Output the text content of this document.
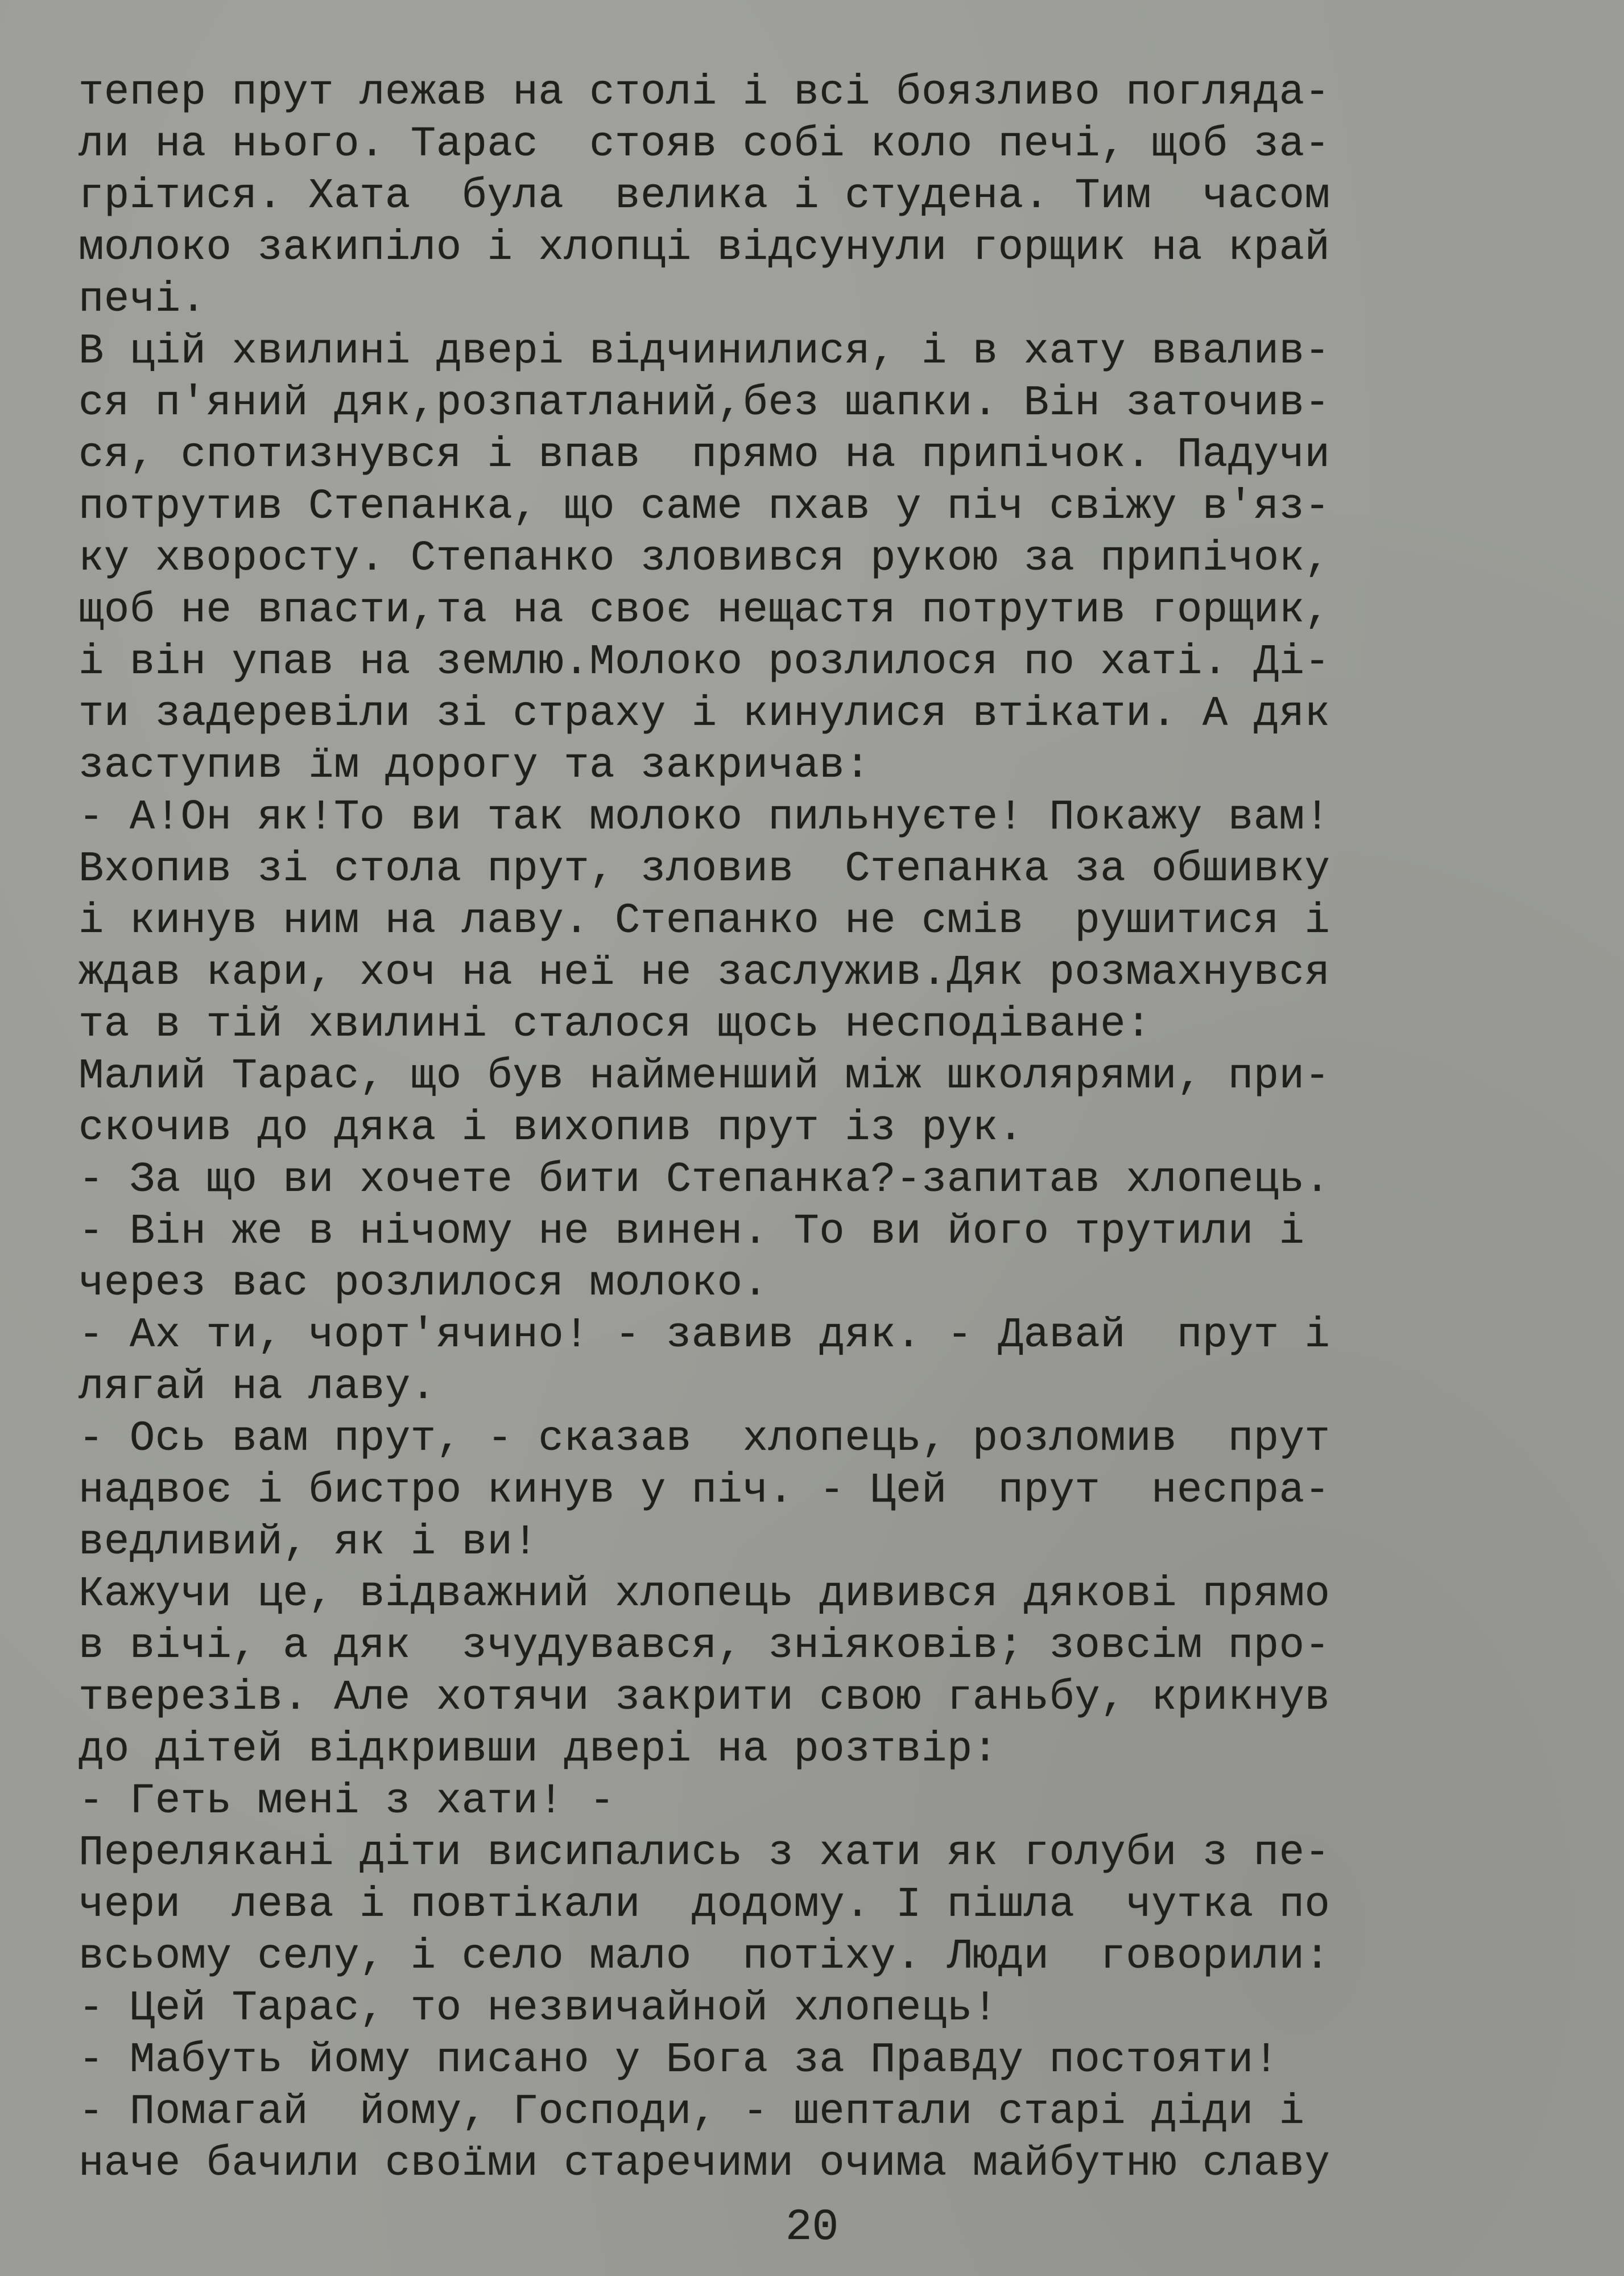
тепер прут лежав на столі і всі боязливо поглядa-
ли на нього. Тарас  стояв собі коло печі, щоб за-
грітися. Хата  була  велика і студена. Тим  часом
молоко закипіло і хлопці відсунули горщик на край
печі.
В цій хвилині двері відчинилися, і в хату ввалив-
ся п'яний дяк,розпатланий,без шапки. Він заточив-
ся, спотизнувся і впав  прямо на припічок. Падучи
потрутив Степанка, що саме пхав у піч свіжу в'яз-
ку хворосту. Степанко зловився рукою за припічок,
щоб не впасти,та на своє нещастя потрутив горщик,
і він упав на землю.Молоко розлилося по хаті. Ді-
ти задеревіли зі страху і кинулися втікати. А дяк
заступив їм дорогу та закричав:
- А!Он як!То ви так молоко пильнуєте! Покажу вам!
Вхопив зі стола прут, зловив  Степанка за обшивку
і кинув ним на лаву. Степанко не смів  рушитися і
ждав кари, хоч на неї не заслужив.Дяк розмахнувся
та в тій хвилині сталося щось несподіване:
Малий Тарас, що був найменший між школярями, при-
скочив до дяка і вихопив прут із рук.
- За що ви хочете бити Степанка?-запитав хлопець.
- Він же в нічому не винен. То ви його трутили і
через вас розлилося молоко.
- Ах ти, чорт'ячино! - завив дяк. - Давай  прут і
лягай на лаву.
- Ось вам прут, - сказав  хлопець, розломив  прут
надвоє і бистро кинув у піч. - Цей  прут  неспра-
ведливий, як і ви!
Кажучи це, відважний хлопець дивився дякові прямо
в вічі, а дяк  зчудувався, зніяковів; зовсім про-
тверезів. Але хотячи закрити свою ганьбу, крикнув
до дітей відкривши двері на розтвір:
- Геть мені з хати! -
Переляканi діти висипались з хати як голуби з пе-
чери  лева і повтікали  додому. І пішла  чутка по
всьому селу, і село мало  потіху. Люди  говорили:
- Цей Тарас, то незвичайной хлопець!
- Мабуть йому писано у Бога за Правду постояти!
- Помагай  йому, Господи, - шептали старі діди і
наче бачили своїми старечими очима майбутню славу
20
